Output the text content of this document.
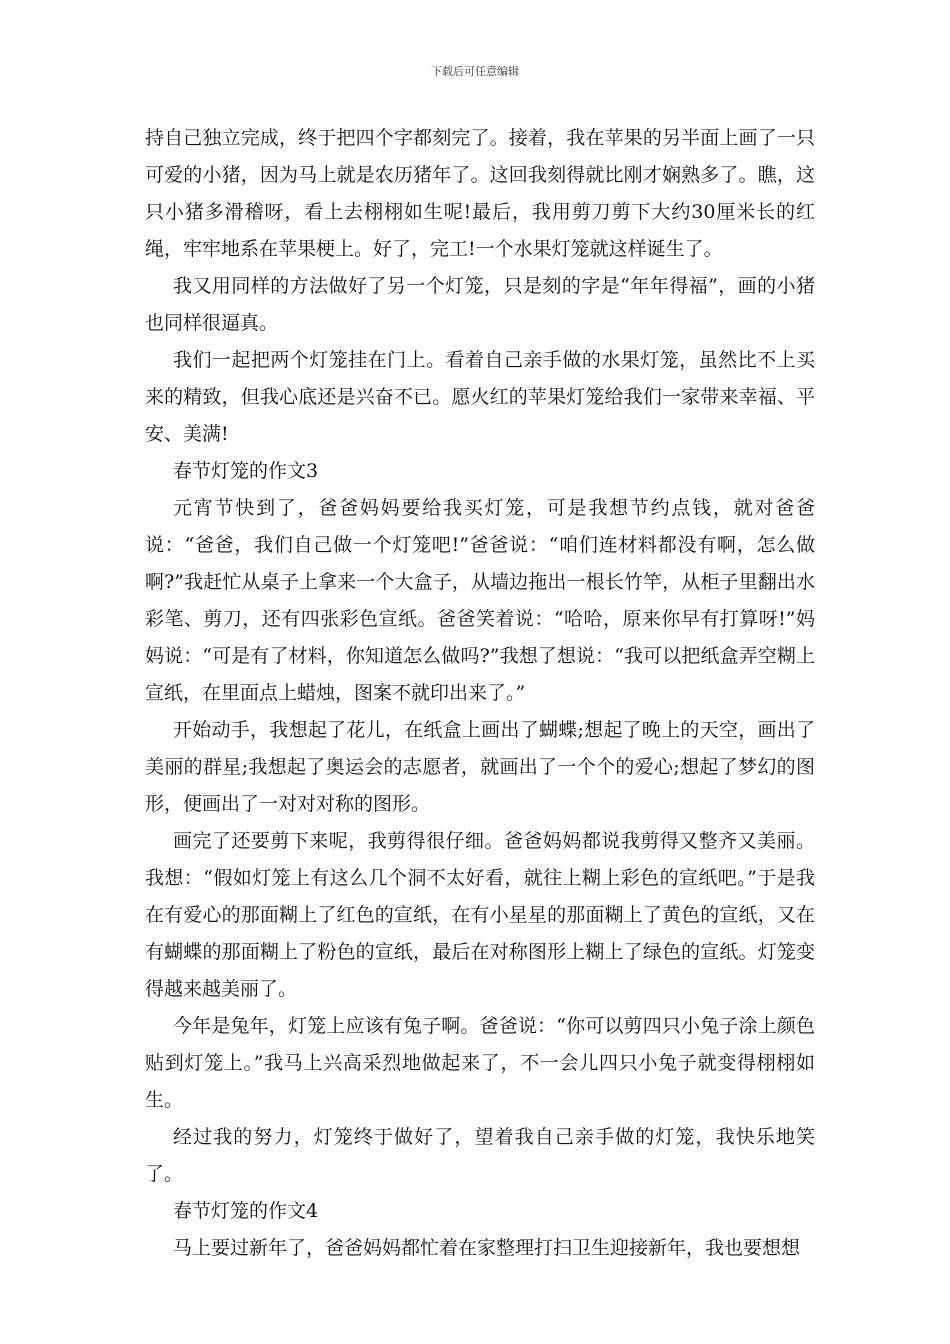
下载后可任意编辑

持自己独立完成，终于把四个字都刻完了。接着，我在苹果的另半面上画了一只可爱的小猪，因为马上就是农历猪年了。这回我刻得就比刚才娴熟多了。瞧，这只小猪多滑稽呀，看上去栩栩如生呢!最后，我用剪刀剪下大约30厘米长的红绳，牢牢地系在苹果梗上。好了，完工!一个水果灯笼就这样诞生了。

我又用同样的方法做好了另一个灯笼，只是刻的字是“年年得福”，画的小猪也同样很逼真。

我们一起把两个灯笼挂在门上。看着自己亲手做的水果灯笼，虽然比不上买来的精致，但我心底还是兴奋不已。愿火红的苹果灯笼给我们一家带来幸福、平安、美满!

春节灯笼的作文3

元宵节快到了，爸爸妈妈要给我买灯笼，可是我想节约点钱，就对爸爸说：“爸爸，我们自己做一个灯笼吧!”爸爸说：“咱们连材料都没有啊，怎么做啊?”我赶忙从桌子上拿来一个大盒子，从墙边拖出一根长竹竿，从柜子里翻出水彩笔、剪刀，还有四张彩色宣纸。爸爸笑着说：“哈哈，原来你早有打算呀!”妈妈说：“可是有了材料，你知道怎么做吗?”我想了想说：“我可以把纸盒弄空糊上宣纸，在里面点上蜡烛，图案不就印出来了。”

开始动手，我想起了花儿，在纸盒上画出了蝴蝶;想起了晚上的天空，画出了美丽的群星;我想起了奥运会的志愿者，就画出了一个个的爱心;想起了梦幻的图形，便画出了一对对对称的图形。

画完了还要剪下来呢，我剪得很仔细。爸爸妈妈都说我剪得又整齐又美丽。我想：“假如灯笼上有这么几个洞不太好看，就往上糊上彩色的宣纸吧。”于是我在有爱心的那面糊上了红色的宣纸，在有小星星的那面糊上了黄色的宣纸，又在有蝴蝶的那面糊上了粉色的宣纸，最后在对称图形上糊上了绿色的宣纸。灯笼变得越来越美丽了。

今年是兔年，灯笼上应该有兔子啊。爸爸说：“你可以剪四只小兔子涂上颜色贴到灯笼上。”我马上兴高采烈地做起来了，不一会儿四只小兔子就变得栩栩如生。

经过我的努力，灯笼终于做好了，望着我自己亲手做的灯笼，我快乐地笑了。

春节灯笼的作文4

马上要过新年了，爸爸妈妈都忙着在家整理打扫卫生迎接新年，我也要想想
